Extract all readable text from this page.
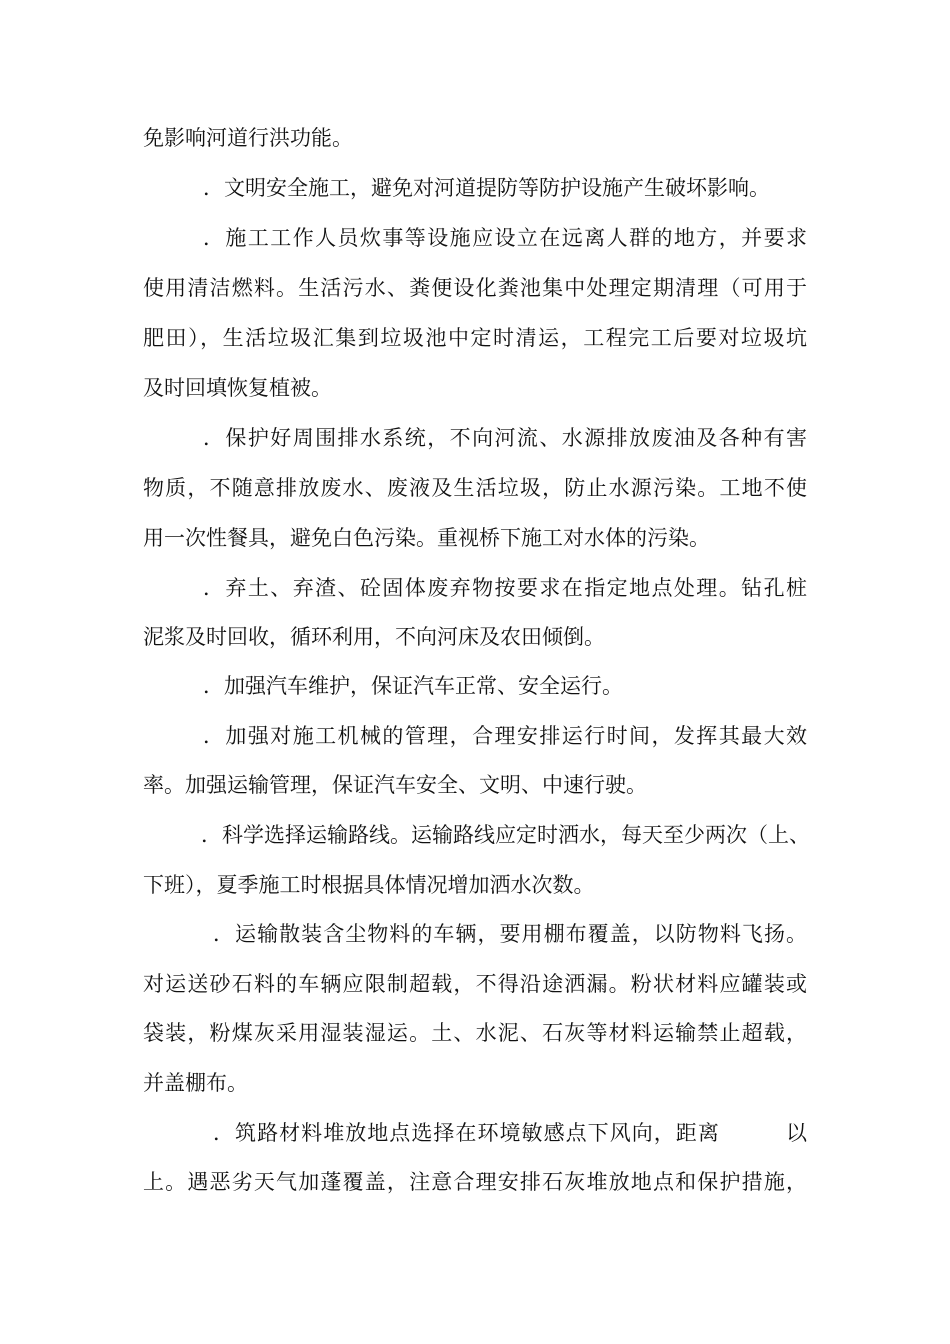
免影响河道行洪功能。
．文明安全施工，避免对河道提防等防护设施产生破坏影响。
．施工工作人员炊事等设施应设立在远离人群的地方，并要求
使用清洁燃料。生活污水、粪便设化粪池集中处理定期清理（可用于
肥田），生活垃圾汇集到垃圾池中定时清运，工程完工后要对垃圾坑
及时回填恢复植被。
．保护好周围排水系统，不向河流、水源排放废油及各种有害
物质，不随意排放废水、废液及生活垃圾，防止水源污染。工地不使
用一次性餐具，避免白色污染。重视桥下施工对水体的污染。
．弃土、弃渣、砼固体废弃物按要求在指定地点处理。钻孔桩
泥浆及时回收，循环利用，不向河床及农田倾倒。
．加强汽车维护，保证汽车正常、安全运行。
．加强对施工机械的管理，合理安排运行时间，发挥其最大效
率。加强运输管理，保证汽车安全、文明、中速行驶。
．科学选择运输路线。运输路线应定时洒水，每天至少两次（上、
下班），夏季施工时根据具体情况增加洒水次数。
．运输散装含尘物料的车辆，要用棚布覆盖，以防物料飞扬。
对运送砂石料的车辆应限制超载，不得沿途洒漏。粉状材料应罐装或
袋装，粉煤灰采用湿装湿运。土、水泥、石灰等材料运输禁止超载，
并盖棚布。
．筑路材料堆放地点选择在环境敏感点下风向，距离　　　以
上。遇恶劣天气加蓬覆盖，注意合理安排石灰堆放地点和保护措施，
